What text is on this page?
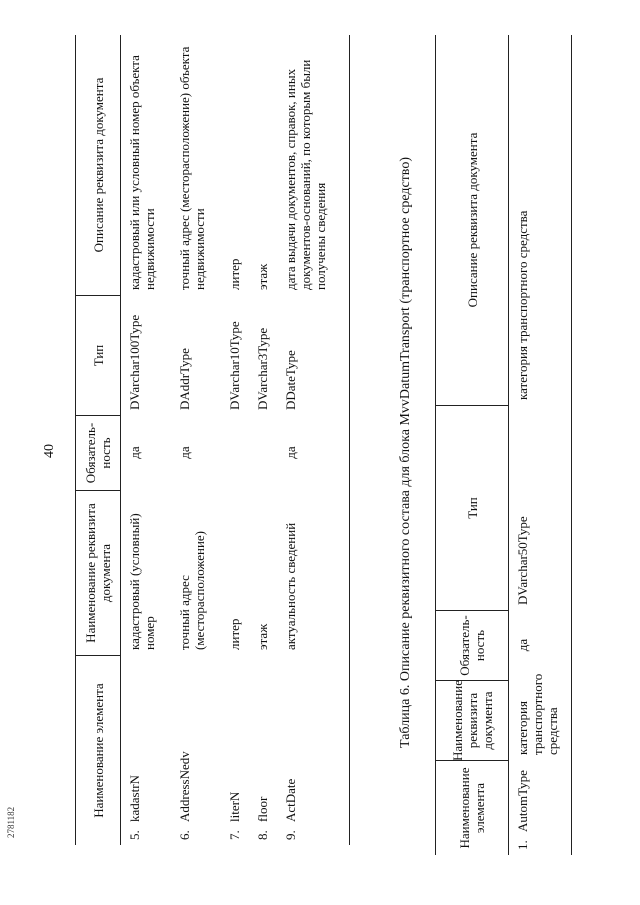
40
2781182
Наименование элемента
Наименование реквизита документа
Обязатель-ность
Тип
Описание реквизита документа
5.kadastrN
кадастровый (условный) номер
да
DVarchar100Type
кадастровый или условный номер объекта недвижимости
6.AddressNedv
точный адрес (месторасположение)
да
DAddrType
точный адрес (месторасположение) объекта недвижимости
7.literN
литер
DVarchar10Type
литер
8.floor
этаж
DVarchar3Type
этаж
9.ActDate
актуальность сведений
да
DDateType
дата выдачи документов, справок, иных документов-оснований, по которым были получены сведения	Таблица 6. Описание реквизитного состава для блока MvvDatumTransport (транспортное средство)
Наименование элемента
Наименование реквизита документа
Обязатель-ность
Тип
Описание реквизита документа
1.AutomType
категория транспортного средства
да
DVarchar50Type
категория транспортного средства
